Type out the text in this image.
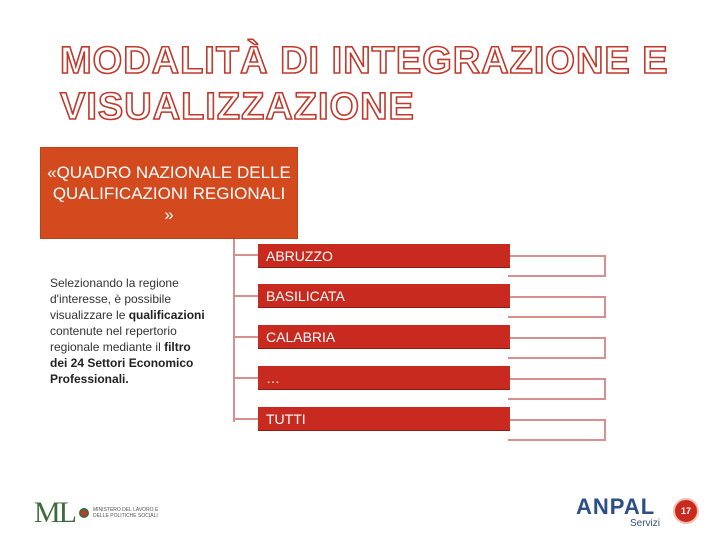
MODALITÀ DI INTEGRAZIONE E VISUALIZZAZIONE
«QUADRO NAZIONALE DELLE QUALIFICAZIONI REGIONALI »
ABRUZZO
BASILICATA
CALABRIA
…
TUTTI
Selezionando la regione d'interesse, è possibile visualizzare le qualificazioni contenute nel repertorio regionale mediante il filtro dei 24 Settori Economico Professionali.
ML	MINISTERO DEL LAVORO E DELLE POLITICHE SOCIALI	ANPAL
Servizi
17
